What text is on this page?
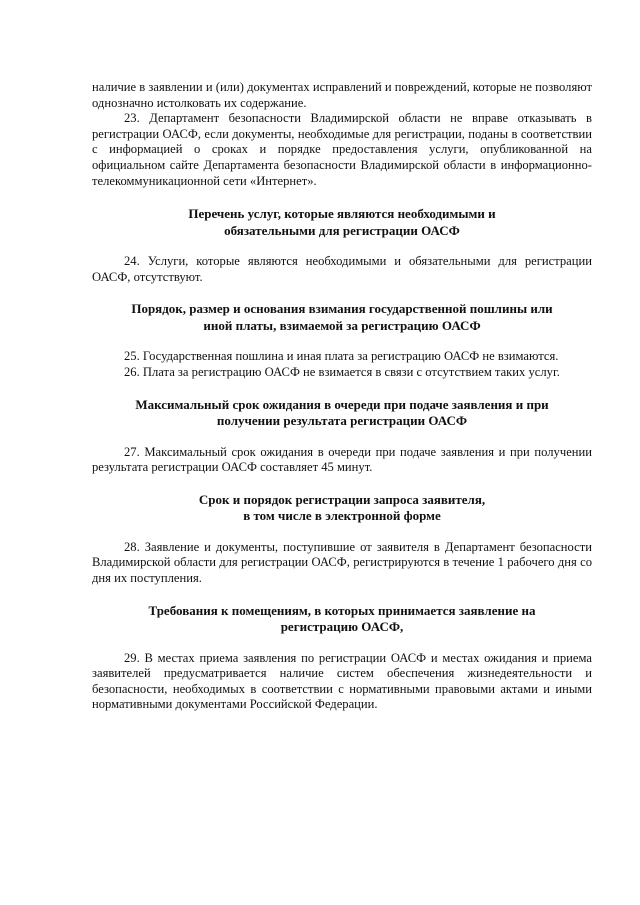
наличие в заявлении и (или) документах исправлений и повреждений, которые не позволяют однозначно истолковать их содержание.

23. Департамент безопасности Владимирской области не вправе отказывать в регистрации ОАСФ, если документы, необходимые для регистрации, поданы в соответствии с информацией о сроках и порядке предоставления услуги, опубликованной на официальном сайте Департамента безопасности Владимирской области в информационно-телекоммуникационной сети «Интернет».

Перечень услуг, которые являются необходимыми и
обязательными для регистрации ОАСФ

24. Услуги, которые являются необходимыми и обязательными для регистрации ОАСФ, отсутствуют.

Порядок, размер и основания взимания государственной пошлины или
иной платы, взимаемой за регистрацию ОАСФ

25. Государственная пошлина и иная плата за регистрацию ОАСФ не взимаются.

26. Плата за регистрацию ОАСФ не взимается в связи с отсутствием таких услуг.

Максимальный срок ожидания в очереди при подаче заявления и при
получении результата регистрации ОАСФ

27. Максимальный срок ожидания в очереди при подаче заявления и при получении результата регистрации ОАСФ составляет 45 минут.

Срок и порядок регистрации запроса заявителя,
в том числе в электронной форме

28. Заявление и документы, поступившие от заявителя в Департамент безопасности Владимирской области для регистрации ОАСФ, регистрируются в течение 1 рабочего дня со дня их поступления.

Требования к помещениям, в которых принимается заявление на
регистрацию ОАСФ,

29. В местах приема заявления по регистрации ОАСФ и местах ожидания и приема заявителей предусматривается наличие систем обеспечения жизнедеятельности и безопасности, необходимых в соответствии с нормативными правовыми актами и иными нормативными документами Российской Федерации.
